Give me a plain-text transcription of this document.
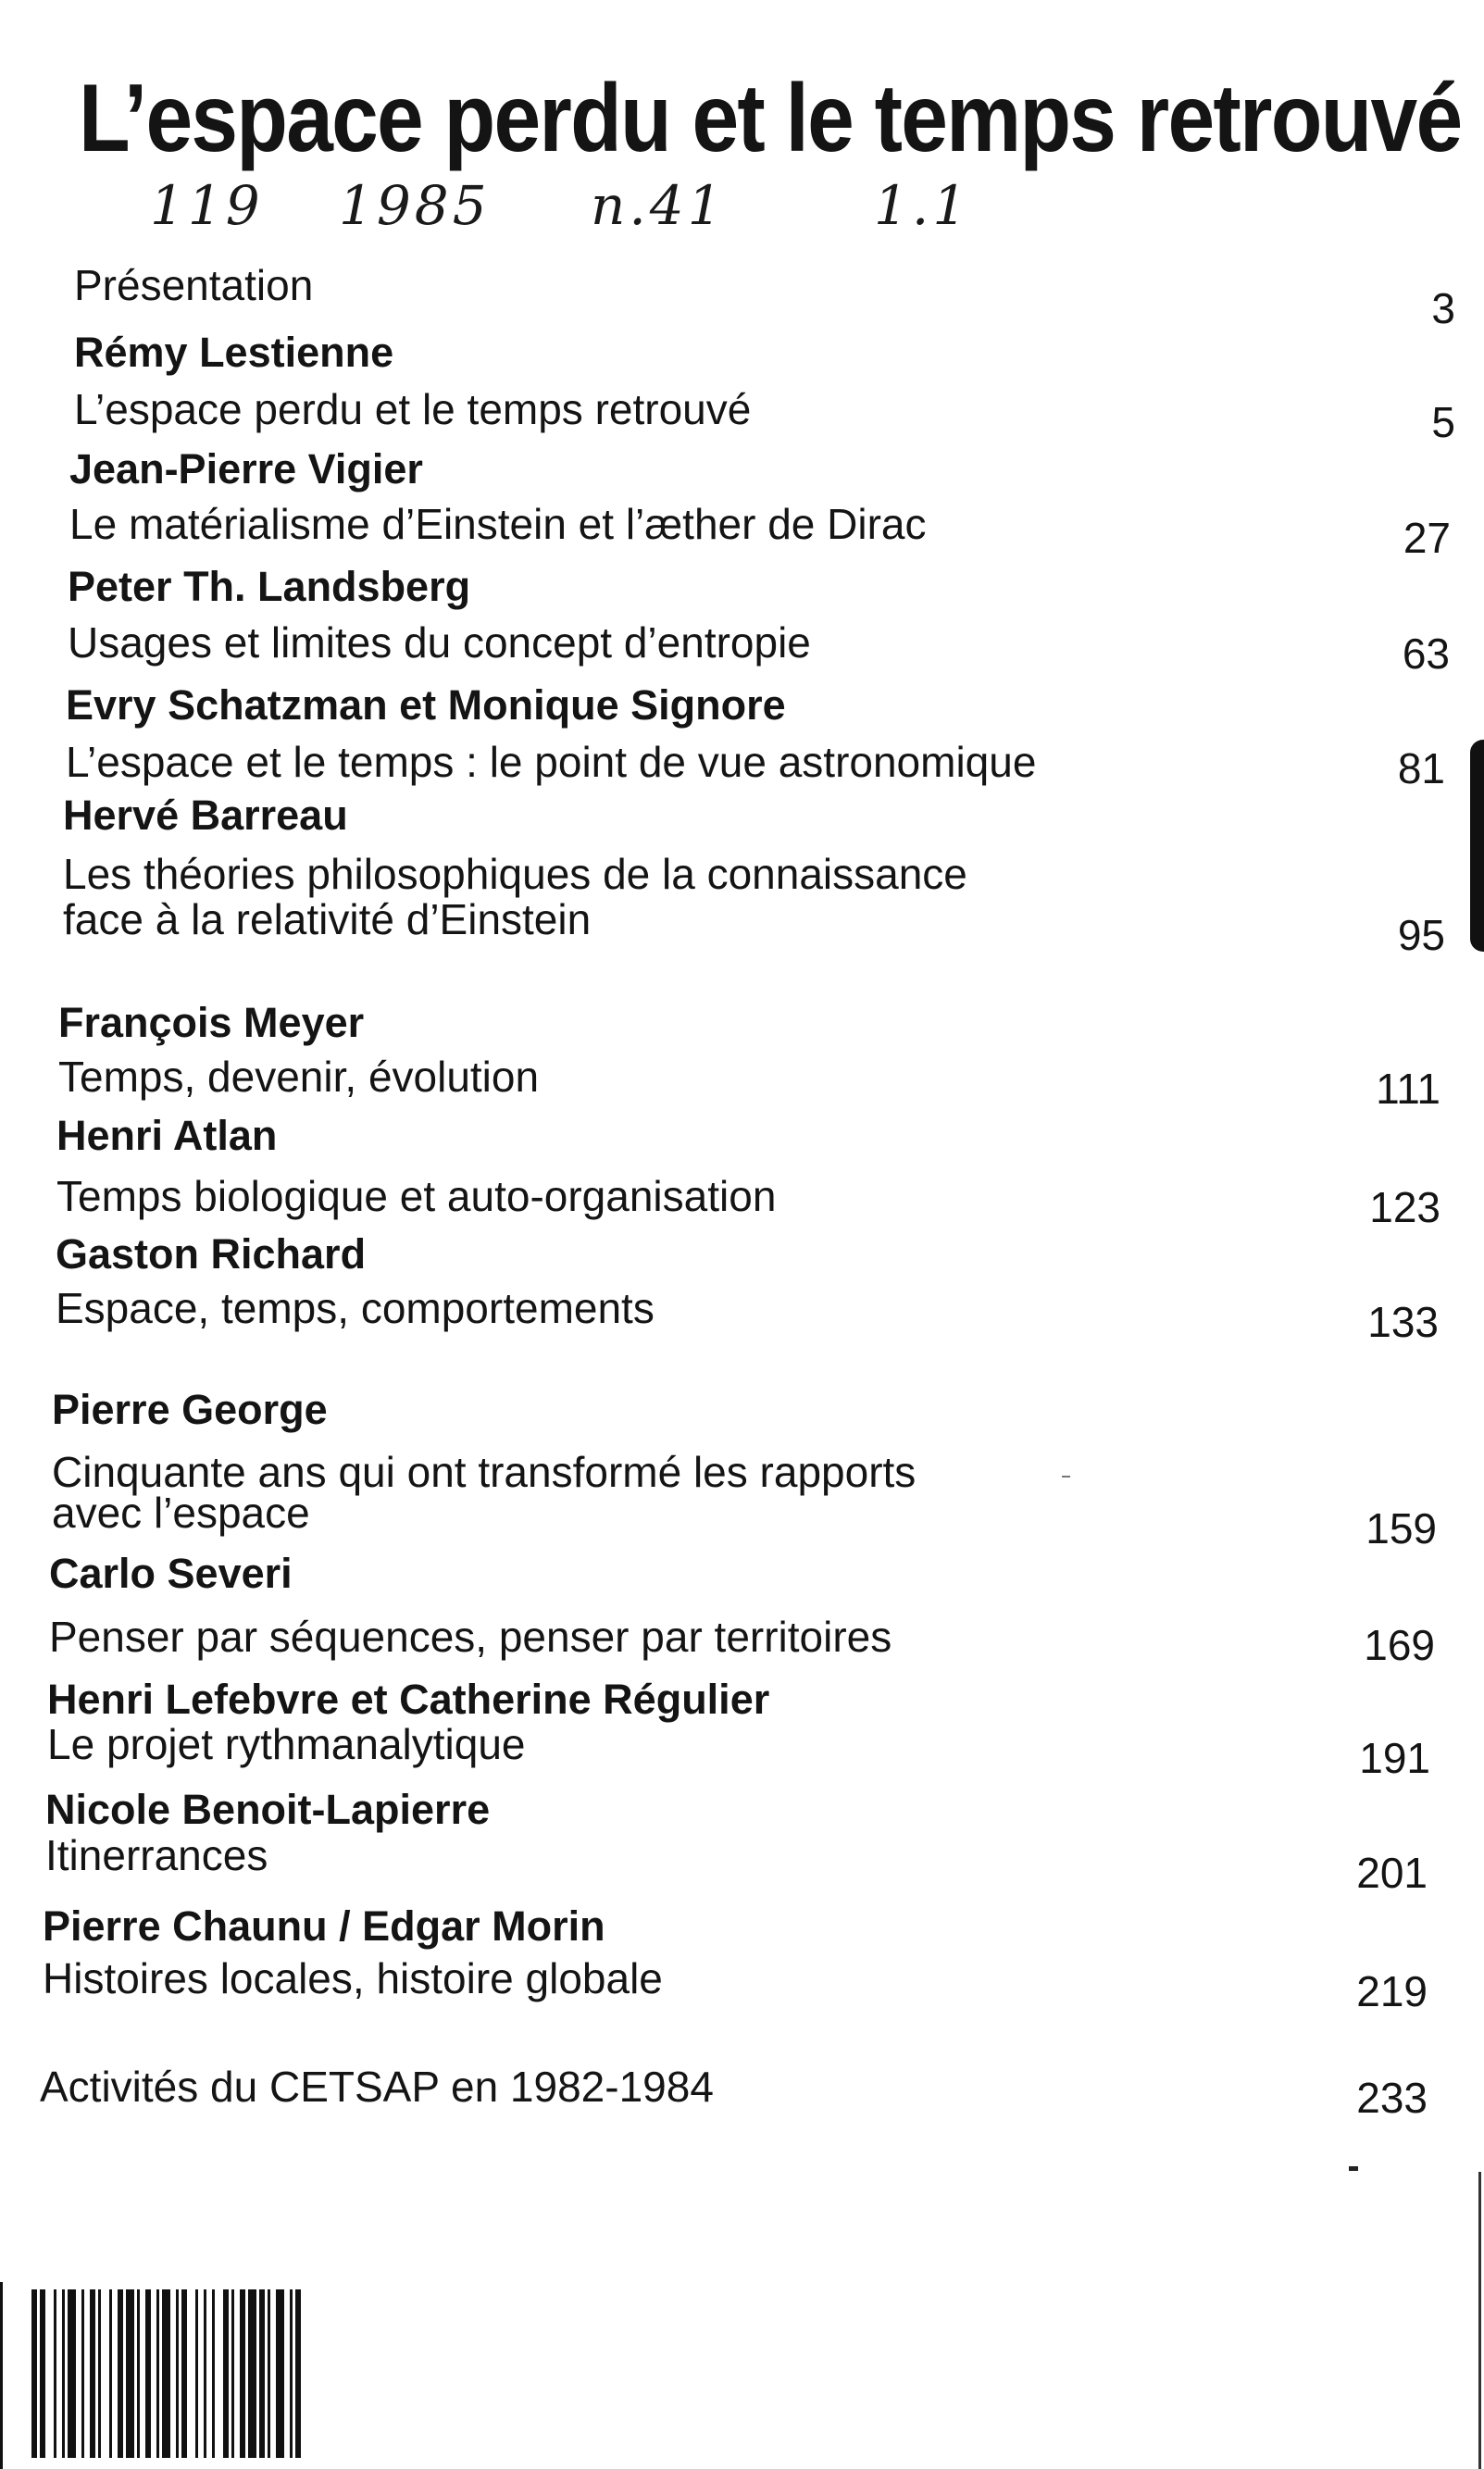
L’espace perdu et le temps retrouvé
119 1985 n.41	1.1
Présentation	3
Rémy Lestienne
L’espace perdu et le temps retrouvé	5
Jean-Pierre Vigier
Le matérialisme d’Einstein et l’æther de Dirac	27
Peter Th. Landsberg
Usages et limites du concept d’entropie	63
Evry Schatzman et Monique Signore
L’espace et le temps : le point de vue astronomique	81
Hervé Barreau
Les théories philosophiques de la connaissance
face à la relativité d’Einstein	95
François Meyer
Temps, devenir, évolution	111
Henri Atlan
Temps biologique et auto-organisation	123
Gaston Richard
Espace, temps, comportements	133
Pierre George
Cinquante ans qui ont transformé les rapports
avec l’espace	159
Carlo Severi
Penser par séquences, penser par territoires	169
Henri Lefebvre et Catherine Régulier
Le projet rythmanalytique	191
Nicole Benoit-Lapierre
Itinerrances	201
Pierre Chaunu / Edgar Morin
Histoires locales, histoire globale	219
Activités du CETSAP en 1982-1984	233
